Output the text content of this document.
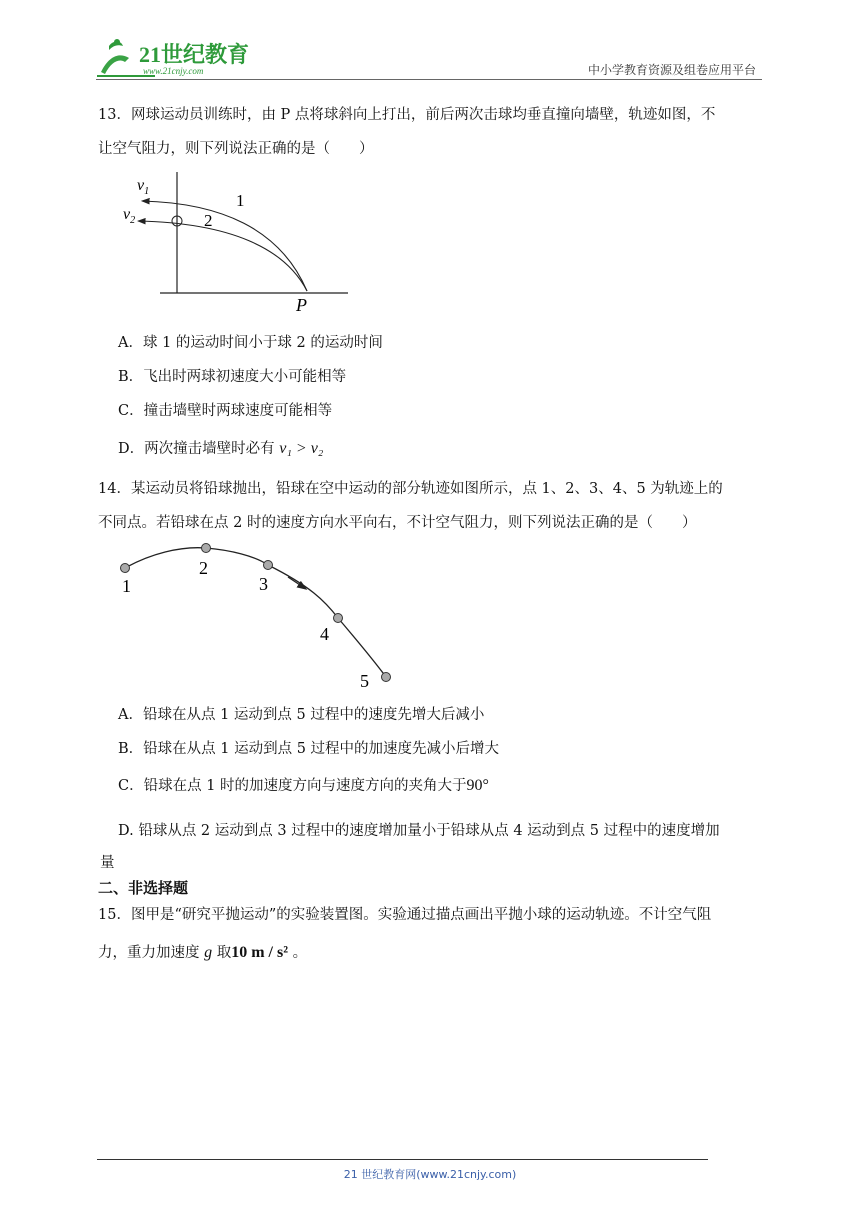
21世纪教育
www.21cnjy.com	中小学教育资源及组卷应用平台
13．网球运动员训练时，由 P 点将球斜向上打出，前后两次击球均垂直撞向墙壁，轨迹如图，不
让空气阻力，则下列说法正确的是（　　）
$v_1$
$v_2$
1
2
P
A．球 1 的运动时间小于球 2 的运动时间
B．飞出时两球初速度大小可能相等
C．撞击墙壁时两球速度可能相等
D．两次撞击墙壁时必有 v₁ > v₂
14．某运动员将铅球抛出，铅球在空中运动的部分轨迹如图所示，点 1、2、3、4、5 为轨迹上的
不同点。若铅球在点 2 时的速度方向水平向右，不计空气阻力，则下列说法正确的是（　　）
1
2
3
4
5
A．铅球在从点 1 运动到点 5 过程中的速度先增大后减小
B．铅球在从点 1 运动到点 5 过程中的加速度先减小后增大
C．铅球在点 1 时的加速度方向与速度方向的夹角大于90°
D. 铅球从点 2 运动到点 3 过程中的速度增加量小于铅球从点 4 运动到点 5 过程中的速度增加
量
二、非选择题
15．图甲是“研究平抛运动”的实验装置图。实验通过描点画出平抛小球的运动轨迹。不计空气阻
力，重力加速度 g 取10 m / s² 。
21 世纪教育网(www.21cnjy.com)
